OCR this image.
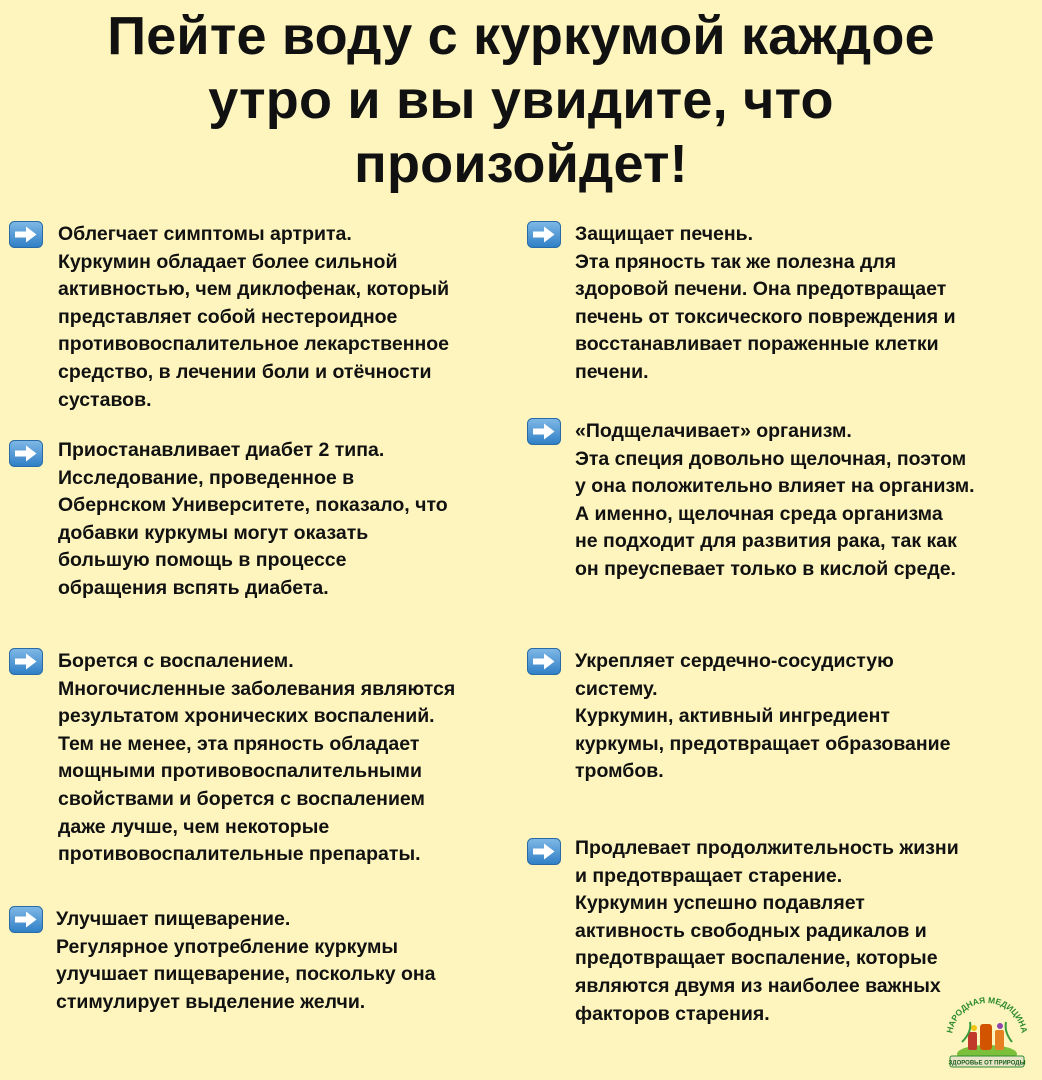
Пейте воду с куркумой каждое
утро и вы увидите, что
произойдет!
Облегчает симптомы артрита.
Куркумин обладает более сильной
активностью, чем диклофенак, который
представляет собой нестероидное
противовоспалительное лекарственное
средство, в лечении боли и отёчности
суставов.
Приостанавливает диабет 2 типа.
Исследование, проведенное в
Обернском Университете, показало, что
добавки куркумы могут оказать
большую помощь в процессе
обращения вспять диабета.
Борется с воспалением.
Многочисленные заболевания являются
результатом хронических воспалений.
Тем не менее, эта пряность обладает
мощными противовоспалительными
свойствами и борется с воспалением
даже лучше, чем некоторые
противовоспалительные препараты.
Улучшает пищеварение.
Регулярное употребление куркумы
улучшает пищеварение, поскольку она
стимулирует выделение желчи.
Защищает печень.
Эта пряность так же полезна для
здоровой печени. Она предотвращает
печень от токсического повреждения и
восстанавливает пораженные клетки
печени.
«Подщелачивает» организм.
Эта специя довольно щелочная, поэтом
у она положительно влияет на организм.
А именно, щелочная среда организма
не подходит для развития рака, так как
он преуспевает только в кислой среде.
Укрепляет сердечно-сосудистую
систему.
Куркумин, активный ингредиент
куркумы, предотвращает образование
тромбов.
Продлевает продолжительность жизни
и предотвращает старение.
Куркумин успешно подавляет
активность свободных радикалов и
предотвращает воспаление, которые
являются двумя из наиболее важных
факторов старения.
НАРОДНАЯ МЕДИЦИНА
ЗДОРОВЬЕ ОТ ПРИРОДЫ
